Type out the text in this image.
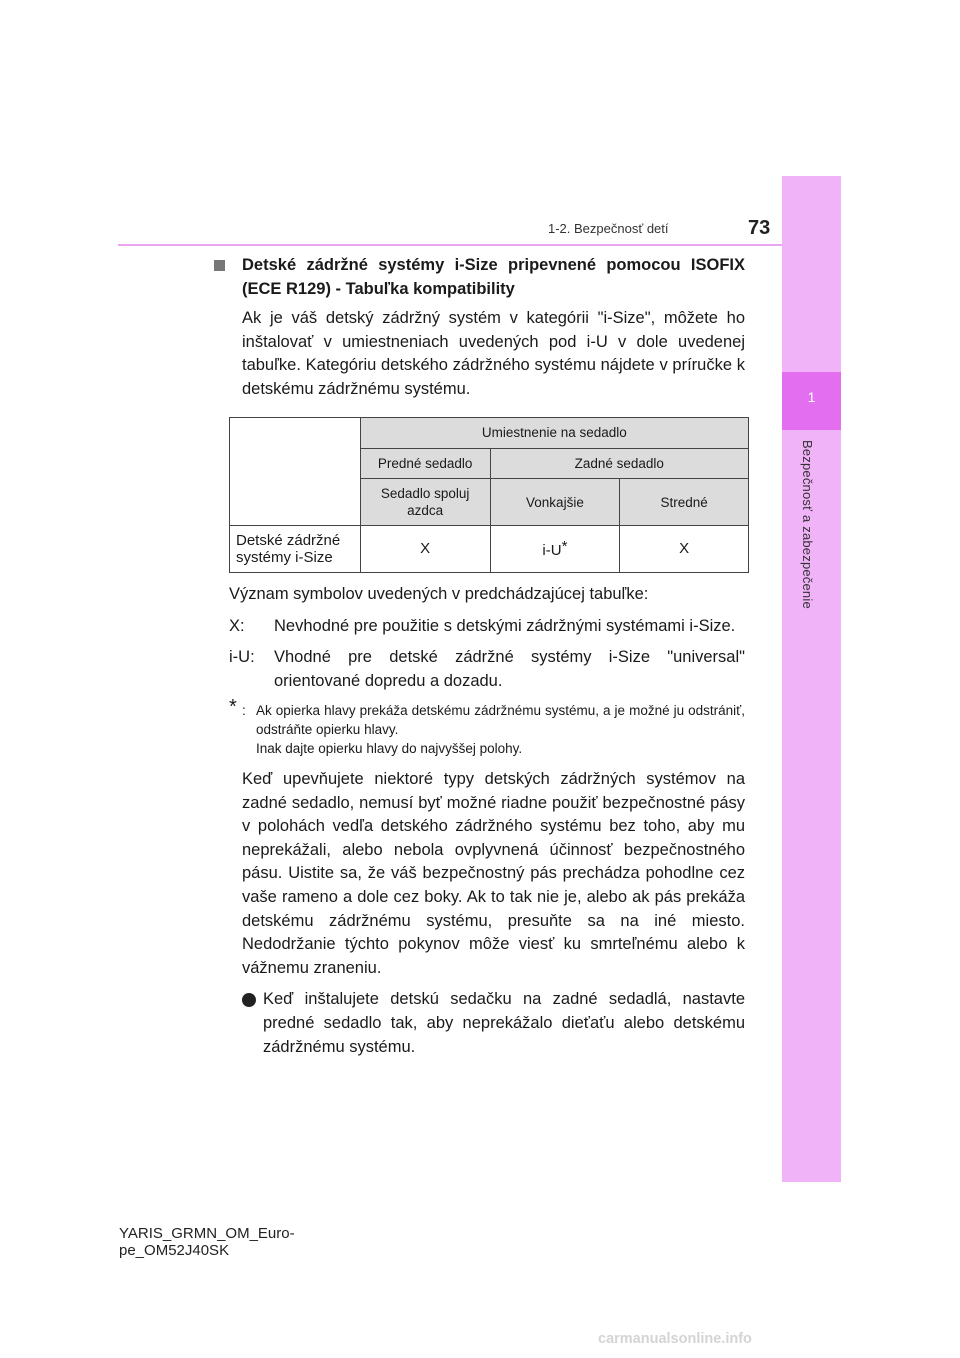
1
Bezpečnosť a zabezpečenie
1-2. Bezpečnosť detí	73
Detské zádržné systémy i-Size pripevnené pomocou ISOFIX (ECE R129) - Tabuľka kompatibility

Ak je váš detský zádržný systém v kategórii "i-Size", môžete ho inštalovať v umiestneniach uvedených pod i-U v dole uvedenej tabuľke. Kategóriu detského zádržného systému nájdete v príručke k detskému zádržnému systému.

	Umiestnenie na sedadlo		
	Predné sedadlo	Zadné sedadlo	
	Sedadlo spolujazdca	Vonkajšie	Stredné
Detské zádržné systémy i-Size	X	i-U*	X

Význam symbolov uvedených v predchádzajúcej tabuľke:

X: Nevhodné pre použitie s detskými zádržnými systémami i-Size.
i-U: Vhodné pre detské zádržné systémy i-Size "universal" orientované dopredu a dozadu.
* : Ak opierka hlavy prekáža detskému zádržnému systému, a je možné ju odstrániť, odstráňte opierku hlavy.
Inak dajte opierku hlavy do najvyššej polohy.

Keď upevňujete niektoré typy detských zádržných systémov na zadné sedadlo, nemusí byť možné riadne použiť bezpečnostné pásy v polohách vedľa detského zádržného systému bez toho, aby mu neprekážali, alebo nebola ovplyvnená účinnosť bezpečnostného pásu. Uistite sa, že váš bezpečnostný pás prechádza pohodlne cez vaše rameno a dole cez boky. Ak to tak nie je, alebo ak pás prekáža detskému zádržnému systému, presuňte sa na iné miesto. Nedodržanie týchto pokynov môže viesť ku smrteľnému alebo k vážnemu zraneniu.

Keď inštalujete detskú sedačku na zadné sedadlá, nastavte predné sedadlo tak, aby neprekážalo dieťaťu alebo detskému zádržnému systému.
YARIS_GRMN_OM_Euro-
pe_OM52J40SK
carmanualsonline.info
